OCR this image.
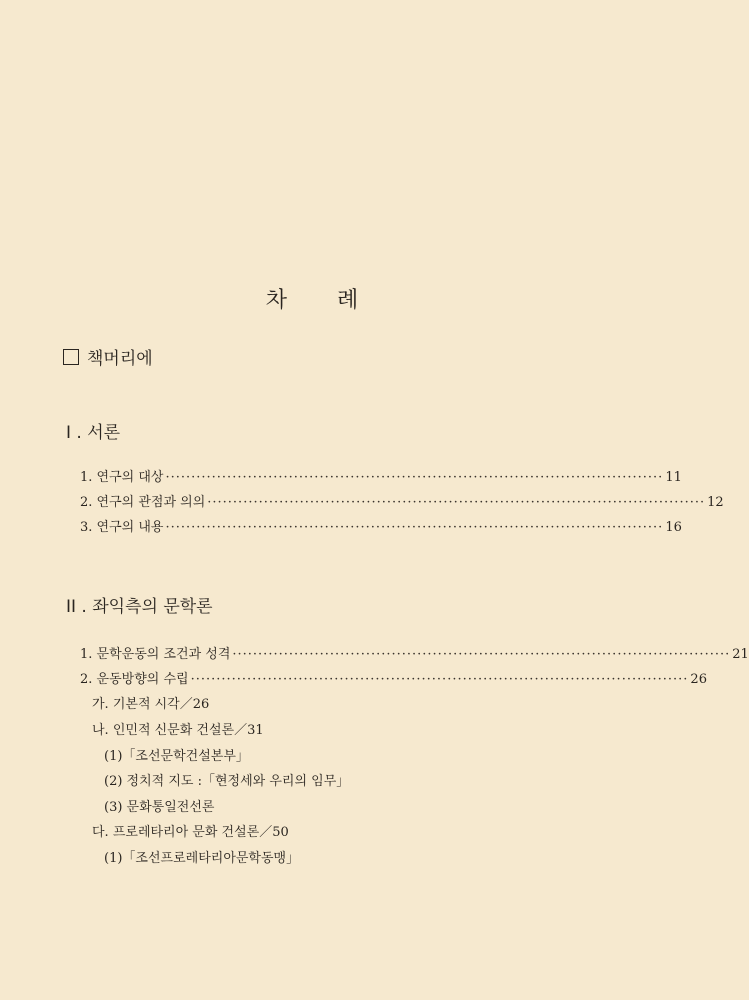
차 례
책머리에
I . 서론
1. 연구의 대상 ································································································· 11
2. 연구의 관점과 의의 ································································································· 12
3. 연구의 내용 ································································································· 16
II . 좌익측의 문학론
1. 문학운동의 조건과 성격 ································································································· 21
2. 운동방향의 수립 ································································································· 26
가. 기본적 시각／26
나. 인민적 신문화 건설론／31
(1)「조선문학건설본부」
(2) 정치적 지도 :「현정세와 우리의 임무」
(3) 문화통일전선론
다. 프로레타리아 문화 건설론／50
(1)「조선프로레타리아문학동맹」
